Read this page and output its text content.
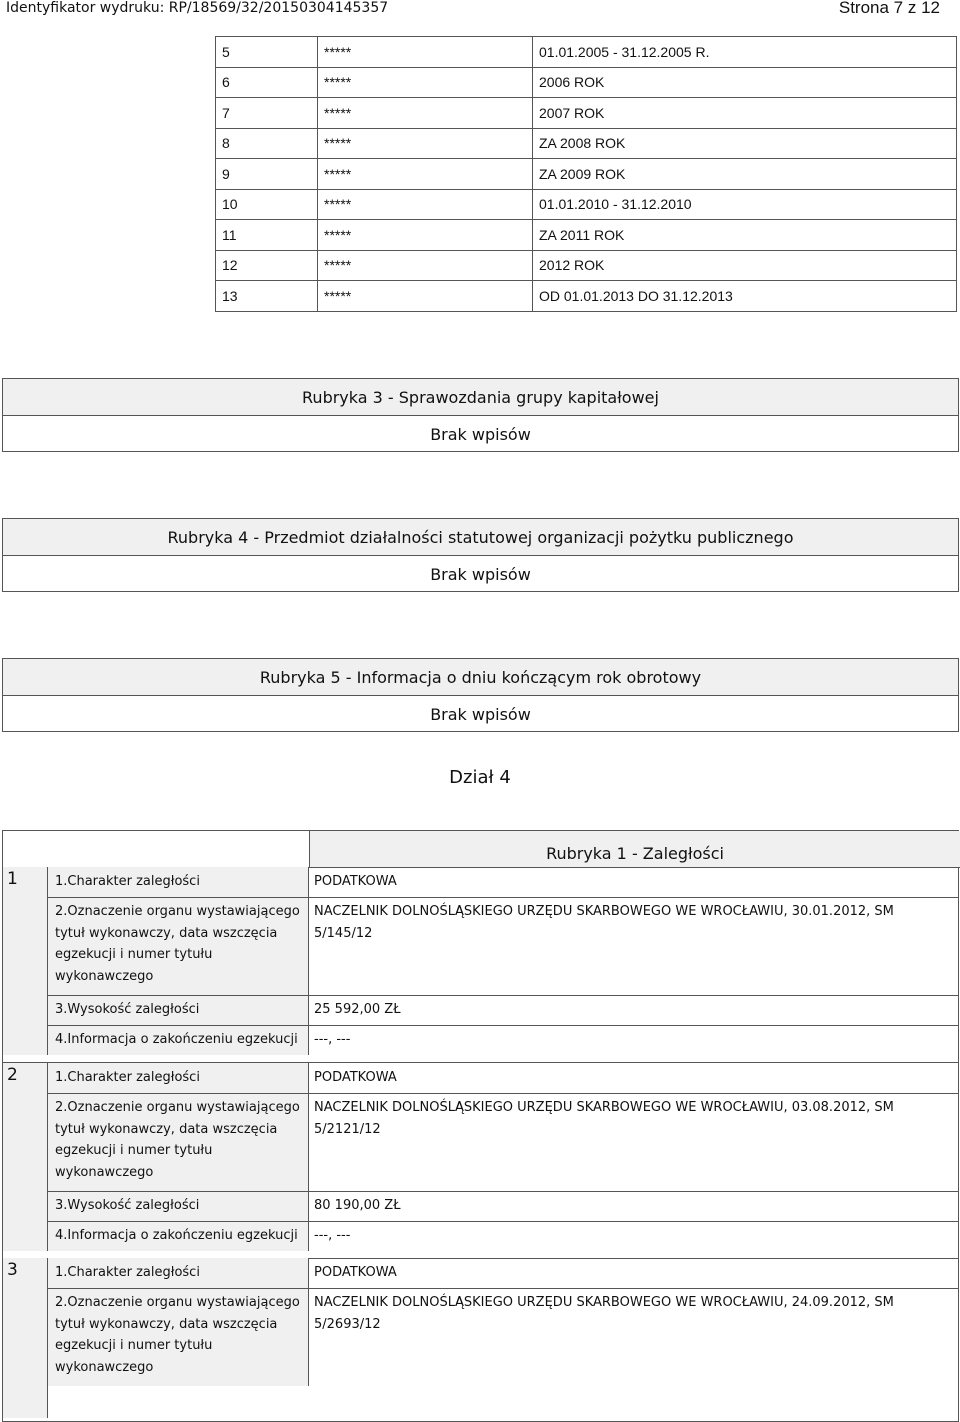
Identyfikator wydruku: RP/18569/32/20150304145357	Strona 7 z 12
5	*****	01.01.2005 - 31.12.2005 R.
6	*****	2006 ROK
7	*****	2007 ROK
8	*****	ZA 2008 ROK
9	*****	ZA 2009 ROK
10	*****	01.01.2010 - 31.12.2010
11	*****	ZA 2011 ROK
12	*****	2012 ROK
13	*****	OD 01.01.2013 DO 31.12.2013
Rubryka 3 - Sprawozdania grupy kapitałowej
Brak wpisów
Rubryka 4 - Przedmiot działalności statutowej organizacji pożytku publicznego
Brak wpisów
Rubryka 5 - Informacja o dniu kończącym rok obrotowy
Brak wpisów
Dział 4
Rubryka 1 - Zaległości
1	1.Charakter zaległości	PODATKOWA
2.Oznaczenie organu wystawiającego tytuł wykonawczy, data wszczęcia egzekucji i numer tytułu wykonawczego
NACZELNIK DOLNOŚLĄSKIEGO URZĘDU SKARBOWEGO WE WROCŁAWIU, 30.01.2012, SM 5/145/12
3.Wysokość zaległości	25 592,00 ZŁ
4.Informacja o zakończeniu egzekucji	---, ---
2	1.Charakter zaległości	PODATKOWA
2.Oznaczenie organu wystawiającego tytuł wykonawczy, data wszczęcia egzekucji i numer tytułu wykonawczego
NACZELNIK DOLNOŚLĄSKIEGO URZĘDU SKARBOWEGO WE WROCŁAWIU, 03.08.2012, SM 5/2121/12
3.Wysokość zaległości	80 190,00 ZŁ
4.Informacja o zakończeniu egzekucji	---, ---
3	1.Charakter zaległości	PODATKOWA
2.Oznaczenie organu wystawiającego tytuł wykonawczy, data wszczęcia egzekucji i numer tytułu wykonawczego
NACZELNIK DOLNOŚLĄSKIEGO URZĘDU SKARBOWEGO WE WROCŁAWIU, 24.09.2012, SM 5/2693/12
